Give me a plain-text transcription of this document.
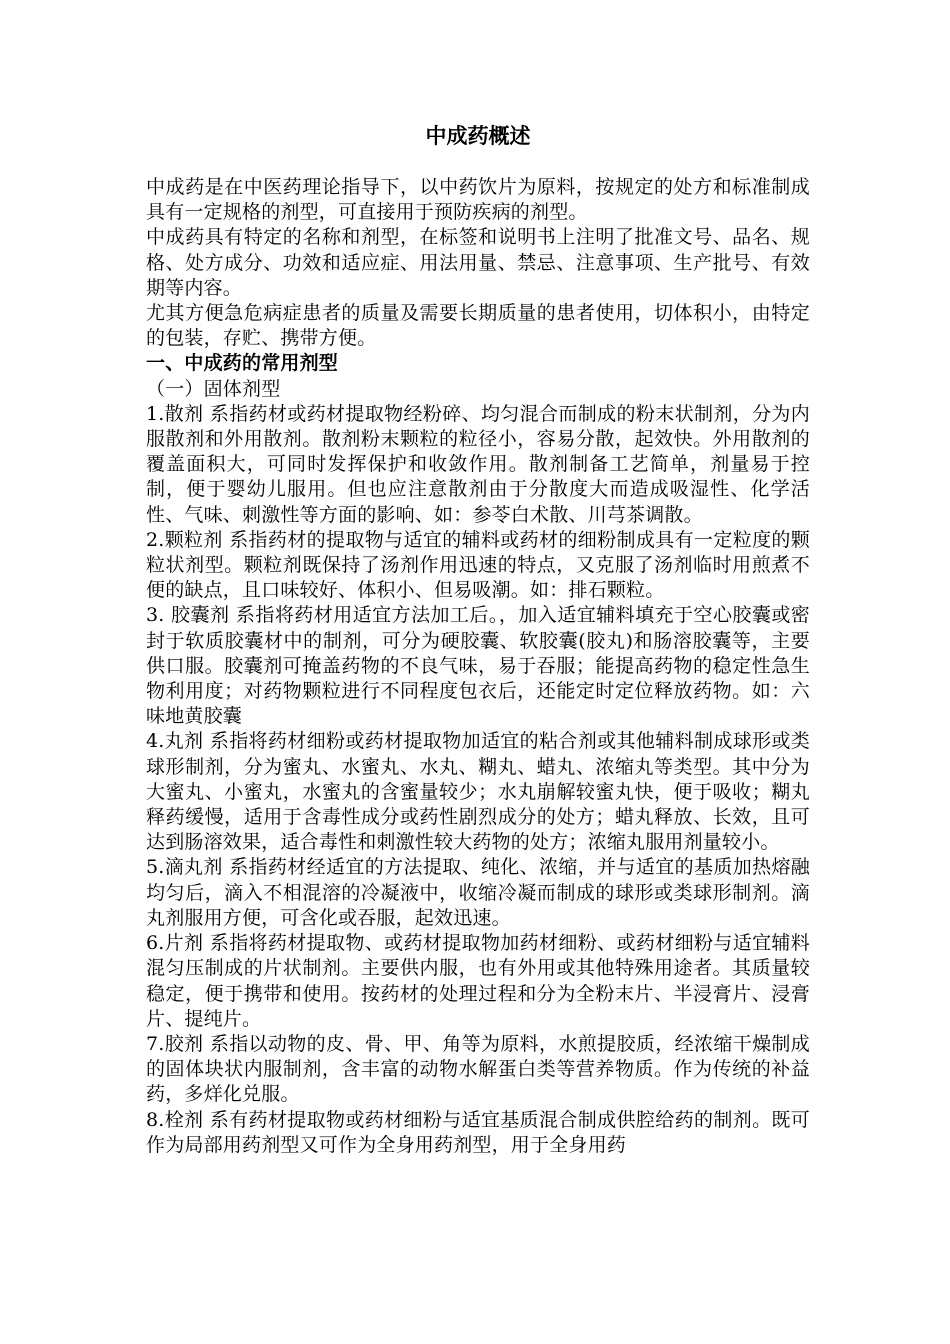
中成药概述

中成药是在中医药理论指导下，以中药饮片为原料，按规定的处方和标准制成具有一定规格的剂型，可直接用于预防疾病的剂型。

中成药具有特定的名称和剂型，在标签和说明书上注明了批准文号、品名、规格、处方成分、功效和适应症、用法用量、禁忌、注意事项、生产批号、有效期等内容。

尤其方便急危病症患者的质量及需要长期质量的患者使用，切体积小，由特定的包装，存贮、携带方便。

一、中成药的常用剂型
（一）固体剂型

1.散剂 系指药材或药材提取物经粉碎、均匀混合而制成的粉末状制剂，分为内服散剂和外用散剂。散剂粉末颗粒的粒径小，容易分散，起效快。外用散剂的覆盖面积大，可同时发挥保护和收敛作用。散剂制备工艺简单，剂量易于控制，便于婴幼儿服用。但也应注意散剂由于分散度大而造成吸湿性、化学活性、气味、刺激性等方面的影响、如：参苓白术散、川芎茶调散。

2.颗粒剂 系指药材的提取物与适宜的辅料或药材的细粉制成具有一定粒度的颗粒状剂型。颗粒剂既保持了汤剂作用迅速的特点，又克服了汤剂临时用煎煮不便的缺点，且口味较好、体积小、但易吸潮。如：排石颗粒。

3. 胶囊剂 系指将药材用适宜方法加工后。，加入适宜辅料填充于空心胶囊或密封于软质胶囊材中的制剂，可分为硬胶囊、软胶囊(胶丸)和肠溶胶囊等，主要供口服。胶囊剂可掩盖药物的不良气味，易于吞服；能提高药物的稳定性急生物利用度；对药物颗粒进行不同程度包衣后，还能定时定位释放药物。如：六味地黄胶囊

4.丸剂 系指将药材细粉或药材提取物加适宜的粘合剂或其他辅料制成球形或类球形制剂，分为蜜丸、水蜜丸、水丸、糊丸、蜡丸、浓缩丸等类型。其中分为大蜜丸、小蜜丸，水蜜丸的含蜜量较少；水丸崩解较蜜丸快，便于吸收；糊丸释药缓慢，适用于含毒性成分或药性剧烈成分的处方；蜡丸释放、长效，且可达到肠溶效果，适合毒性和刺激性较大药物的处方；浓缩丸服用剂量较小。

5.滴丸剂 系指药材经适宜的方法提取、纯化、浓缩，并与适宜的基质加热熔融均匀后，滴入不相混溶的冷凝液中，收缩冷凝而制成的球形或类球形制剂。滴丸剂服用方便，可含化或吞服，起效迅速。

6.片剂 系指将药材提取物、或药材提取物加药材细粉、或药材细粉与适宜辅料混匀压制成的片状制剂。主要供内服，也有外用或其他特殊用途者。其质量较稳定，便于携带和使用。按药材的处理过程和分为全粉末片、半浸膏片、浸膏片、提纯片。

7.胶剂 系指以动物的皮、骨、甲、角等为原料，水煎提胶质，经浓缩干燥制成的固体块状内服制剂，含丰富的动物水解蛋白类等营养物质。作为传统的补益药，多烊化兑服。

8.栓剂 系有药材提取物或药材细粉与适宜基质混合制成供腔给药的制剂。既可作为局部用药剂型又可作为全身用药剂型，用于全身用药
